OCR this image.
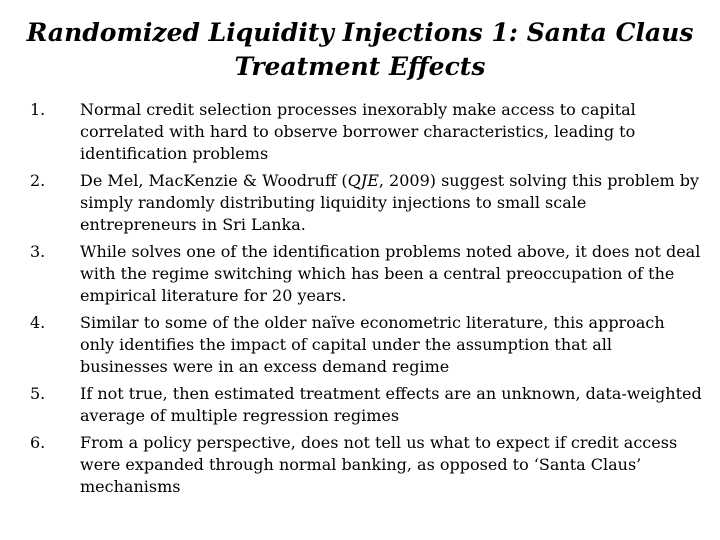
Randomized Liquidity Injections 1: Santa Claus Treatment Effects
1.	Normal credit selection processes inexorably make access to capital correlated with hard to observe borrower characteristics, leading to identification problems
2.	De Mel, MacKenzie & Woodruff (QJE, 2009) suggest solving this problem by simply randomly distributing liquidity injections to small scale entrepreneurs in Sri Lanka.
3.	While solves one of the identification problems noted above, it does not deal with the regime switching which has been a central preoccupation of the empirical literature for 20 years.
4.	Similar to some of the older naïve econometric literature, this approach only identifies the impact of capital under the assumption that all businesses were in an excess demand regime
5.	If not true, then estimated treatment effects are an unknown, data-weighted average of multiple regression regimes
6.	From a policy perspective, does not tell us what to expect if credit access were expanded through normal banking, as opposed to ‘Santa Claus’ mechanisms
